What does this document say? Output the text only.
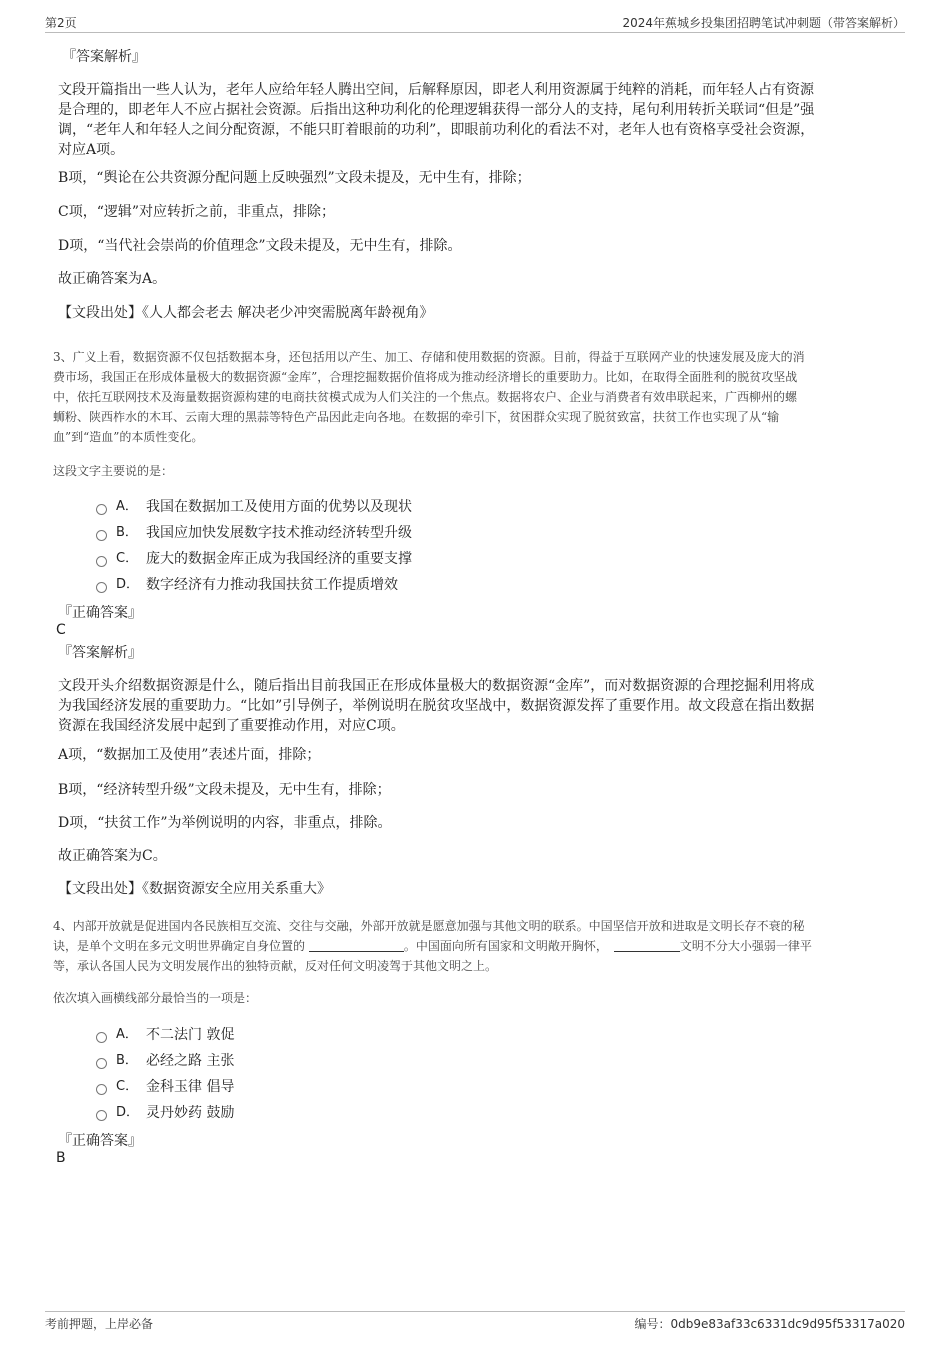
第2页	2024年蕉城乡投集团招聘笔试冲刺题（带答案解析）
『答案解析』
文段开篇指出一些人认为，老年人应给年轻人腾出空间，后解释原因，即老人利用资源属于纯粹的消耗，而年轻人占有资源
是合理的，即老年人不应占据社会资源。后指出这种功利化的伦理逻辑获得一部分人的支持，尾句利用转折关联词“但是”强
调，“老年人和年轻人之间分配资源，不能只盯着眼前的功利”，即眼前功利化的看法不对，老年人也有资格享受社会资源，
对应A项。
B项，“舆论在公共资源分配问题上反映强烈”文段未提及，无中生有，排除；
C项，“逻辑”对应转折之前，非重点，排除；
D项，“当代社会崇尚的价值理念”文段未提及，无中生有，排除。
故正确答案为A。
【文段出处】《人人都会老去 解决老少冲突需脱离年龄视角》
3、广义上看，数据资源不仅包括数据本身，还包括用以产生、加工、存储和使用数据的资源。目前，得益于互联网产业的快速发展及庞大的消
费市场，我国正在形成体量极大的数据资源“金库”，合理挖掘数据价值将成为推动经济增长的重要助力。比如，在取得全面胜利的脱贫攻坚战
中，依托互联网技术及海量数据资源构建的电商扶贫模式成为人们关注的一个焦点。数据将农户、企业与消费者有效串联起来，广西柳州的螺
蛳粉、陕西柞水的木耳、云南大理的黑蒜等特色产品因此走向各地。在数据的牵引下，贫困群众实现了脱贫致富，扶贫工作也实现了从“输
血”到“造血”的本质性变化。
这段文字主要说的是：
A． 我国在数据加工及使用方面的优势以及现状
B． 我国应加快发展数字技术推动经济转型升级
C． 庞大的数据金库正成为我国经济的重要支撑
D． 数字经济有力推动我国扶贫工作提质增效
『正确答案』
C
『答案解析』
文段开头介绍数据资源是什么，随后指出目前我国正在形成体量极大的数据资源“金库”，而对数据资源的合理挖掘利用将成
为我国经济发展的重要助力。“比如”引导例子，举例说明在脱贫攻坚战中，数据资源发挥了重要作用。故文段意在指出数据
资源在我国经济发展中起到了重要推动作用，对应C项。
A项，“数据加工及使用”表述片面，排除；
B项，“经济转型升级”文段未提及，无中生有，排除；
D项，“扶贫工作”为举例说明的内容，非重点，排除。
故正确答案为C。
【文段出处】《数据资源安全应用关系重大》
4、内部开放就是促进国内各民族相互交流、交往与交融，外部开放就是愿意加强与其他文明的联系。中国坚信开放和进取是文明长存不衰的秘
诀，是单个文明在多元文明世界确定自身位置的	。中国面向所有国家和文明敞开胸怀，	文明不分大小强弱一律平
等，承认各国人民为文明发展作出的独特贡献，反对任何文明凌驾于其他文明之上。
依次填入画横线部分最恰当的一项是：
A． 不二法门 敦促
B． 必经之路 主张
C． 金科玉律 倡导
D． 灵丹妙药 鼓励
『正确答案』
B
考前押题，上岸必备	编号：0db9e83af33c6331dc9d95f53317a020
